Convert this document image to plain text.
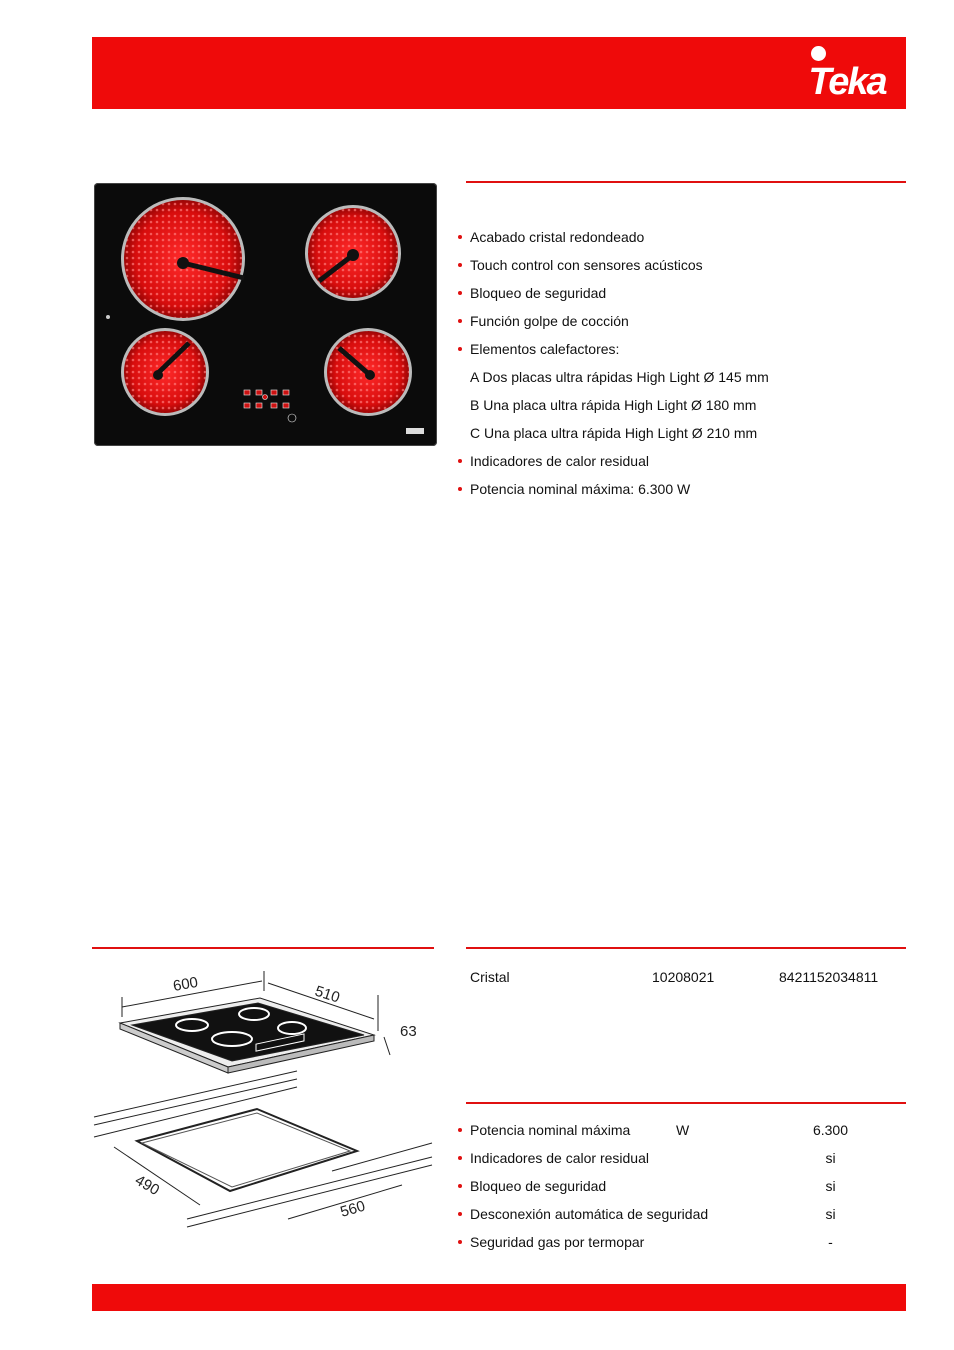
Teka
Acabado cristal redondeado
Touch control con sensores acústicos
Bloqueo de seguridad
Función golpe de cocción
Elementos calefactores:
A Dos placas ultra rápidas High Light Ø 145 mm
B Una placa ultra rápida High Light Ø 180 mm
C Una placa ultra rápida High Light Ø 210 mm
Indicadores de calor residual
Potencia nominal máxima: 6.300 W
Cristal	10208021	8421152034811
600	510
63
490
560
Potencia nominal máxima	W	6.300
Indicadores de calor residual	si
Bloqueo de seguridad	si
Desconexión automática de seguridad	si
Seguridad gas por termopar	-
